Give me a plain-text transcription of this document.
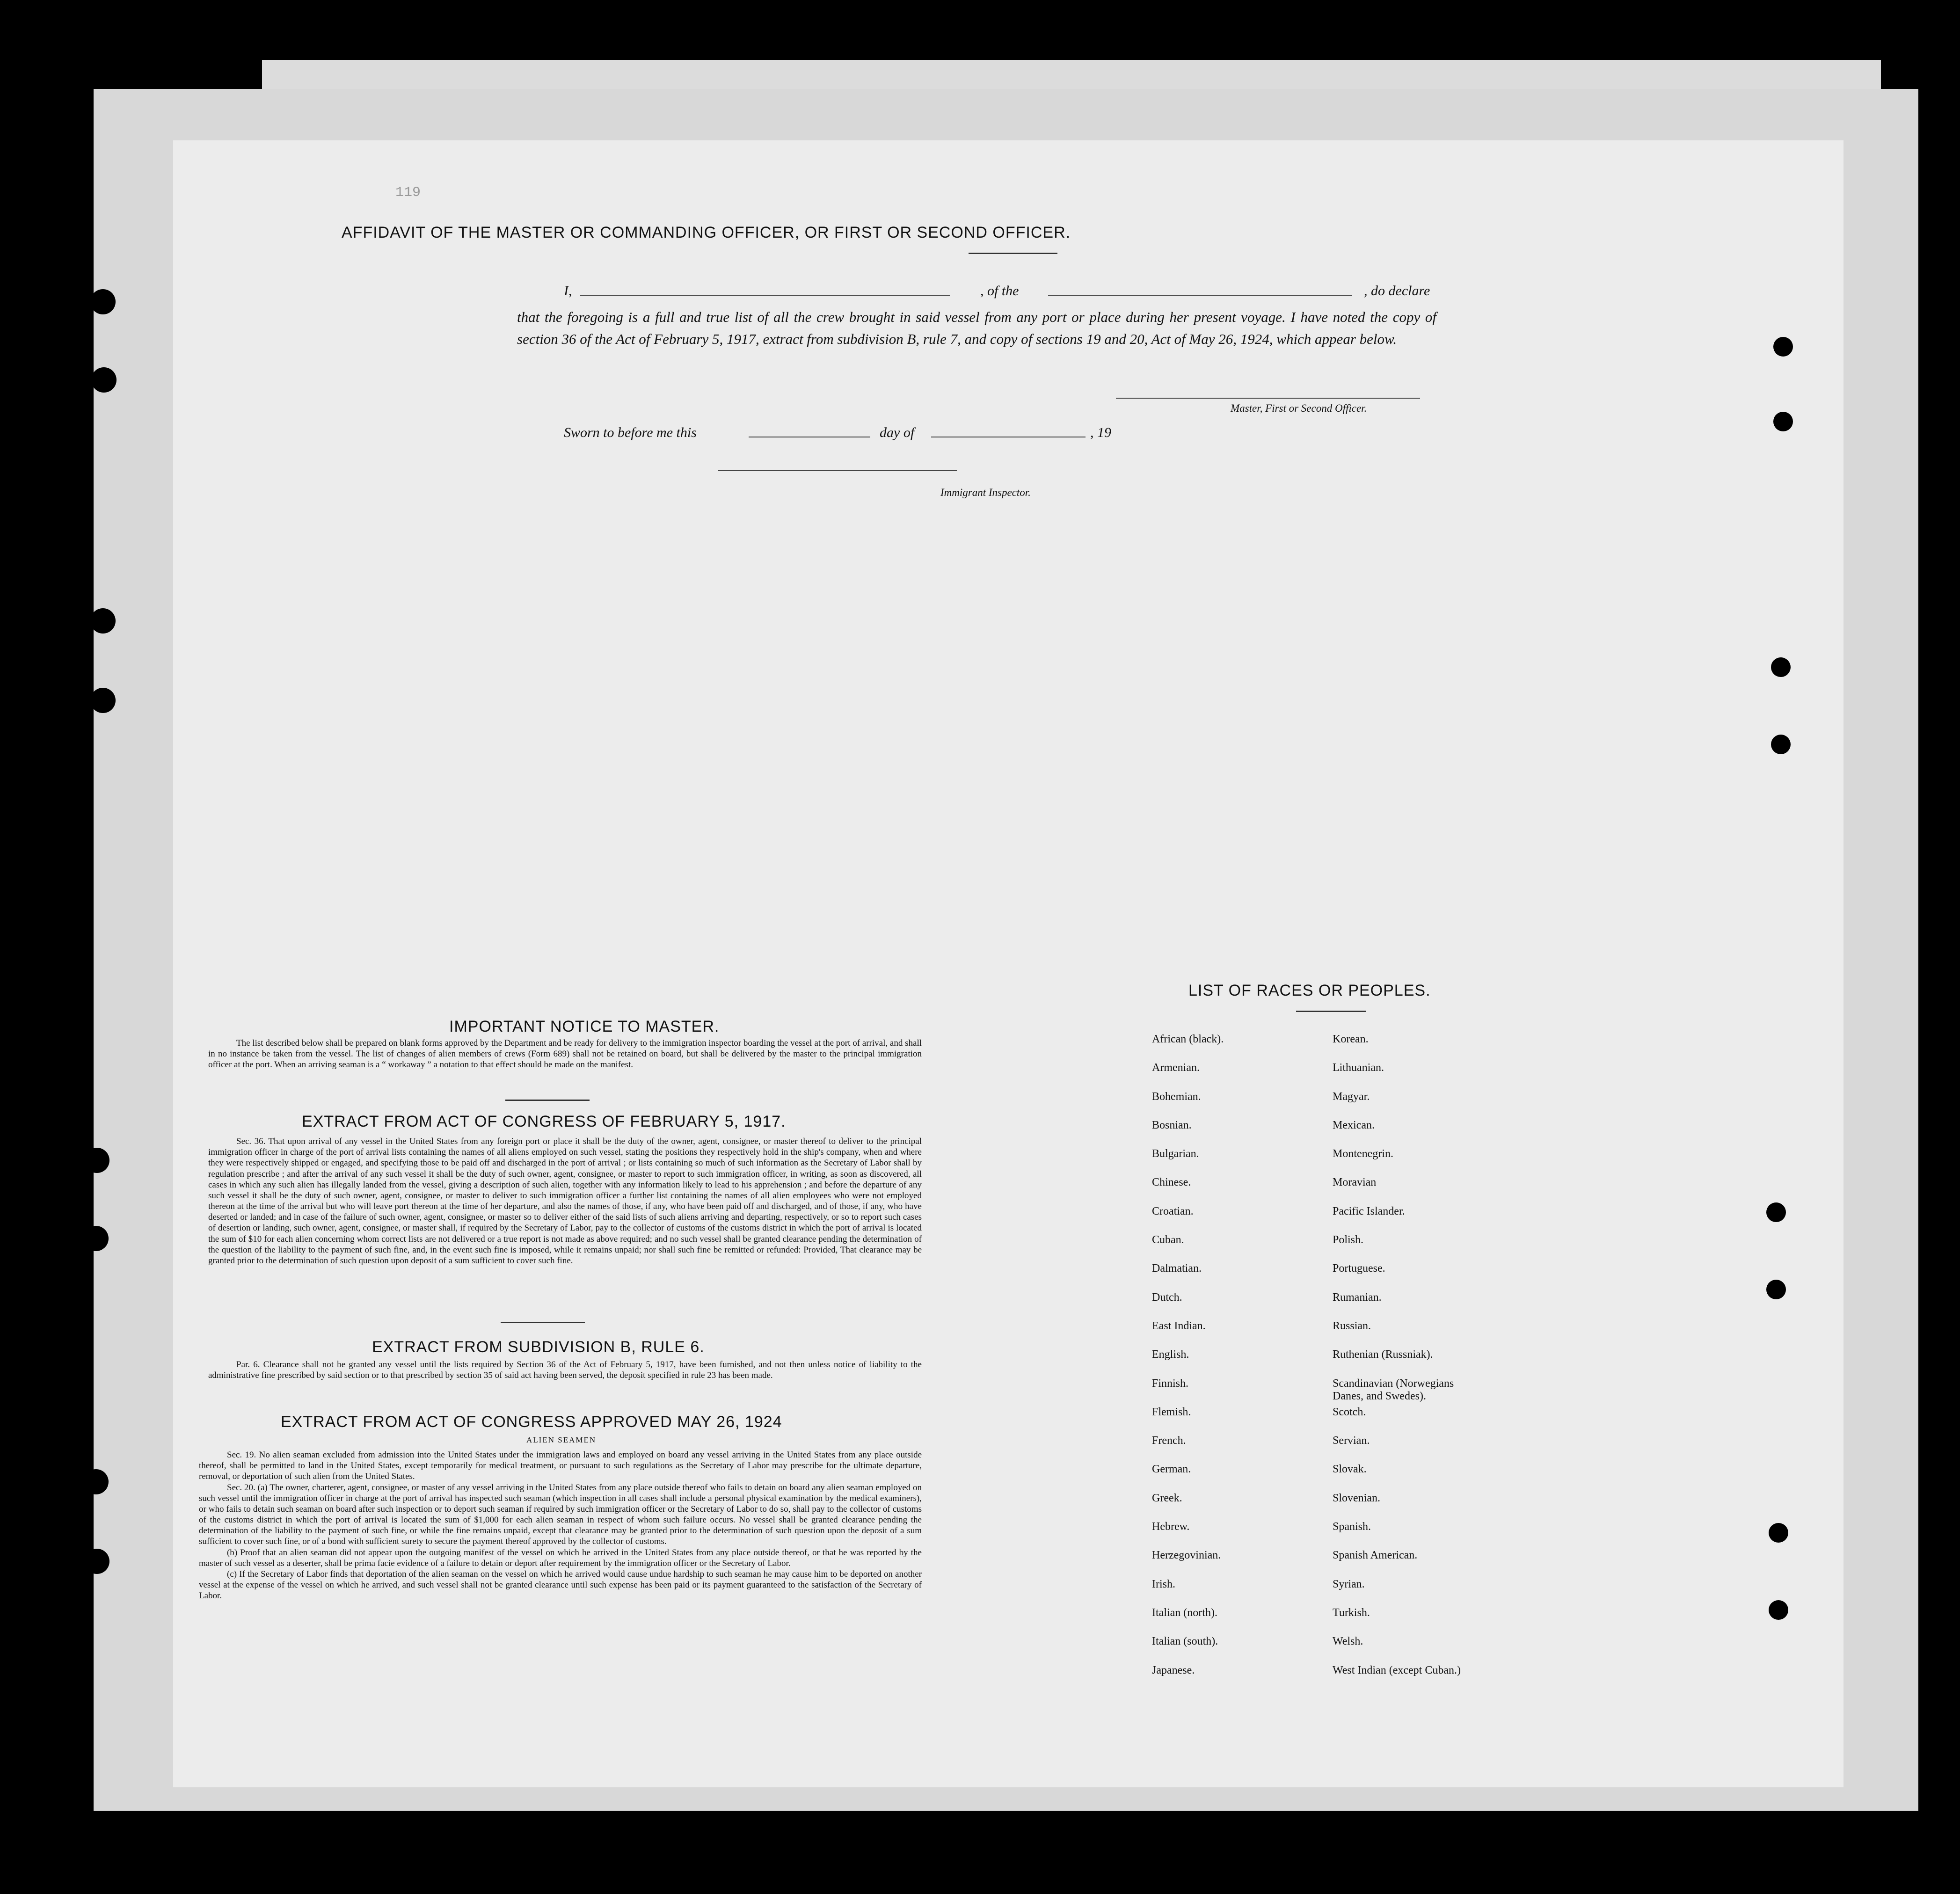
119
AFFIDAVIT OF THE MASTER OR COMMANDING OFFICER, OR FIRST OR SECOND OFFICER.
I,	, of the	, do declare
that the foregoing is a full and true list of all the crew brought in said vessel from any port or place during her present voyage. I have noted the copy of section 36 of the Act of February 5, 1917, extract from subdivision B, rule 7, and copy of sections 19 and 20, Act of May 26, 1924, which appear below.
Master, First or Second Officer.
Sworn to before me this	day of	, 19
Immigrant Inspector.
IMPORTANT NOTICE TO MASTER.

The list described below shall be prepared on blank forms approved by the Department and be ready for delivery to the immigration inspector boarding the vessel at the port of arrival, and shall in no instance be taken from the vessel. The list of changes of alien members of crews (Form 689) shall not be retained on board, but shall be delivered by the master to the principal immigration officer at the port. When an arriving seaman is a “ workaway ” a notation to that effect should be made on the manifest.

EXTRACT FROM ACT OF CONGRESS OF FEBRUARY 5, 1917.

Sec. 36. That upon arrival of any vessel in the United States from any foreign port or place it shall be the duty of the owner, agent, consignee, or master thereof to deliver to the principal immigration officer in charge of the port of arrival lists containing the names of all aliens employed on such vessel, stating the positions they respectively hold in the ship's company, when and where they were respectively shipped or engaged, and specifying those to be paid off and discharged in the port of arrival ; or lists containing so much of such information as the Secretary of Labor shall by regulation prescribe ; and after the arrival of any such vessel it shall be the duty of such owner, agent, consignee, or master to report to such immigration officer, in writing, as soon as discovered, all cases in which any such alien has illegally landed from the vessel, giving a description of such alien, together with any information likely to lead to his apprehension ; and before the departure of any such vessel it shall be the duty of such owner, agent, consignee, or master to deliver to such immigration officer a further list containing the names of all alien employees who were not employed thereon at the time of the arrival but who will leave port thereon at the time of her departure, and also the names of those, if any, who have been paid off and discharged, and of those, if any, who have deserted or landed; and in case of the failure of such owner, agent, consignee, or master so to deliver either of the said lists of such aliens arriving and departing, respectively, or so to report such cases of desertion or landing, such owner, agent, consignee, or master shall, if required by the Secretary of Labor, pay to the collector of customs of the customs district in which the port of arrival is located the sum of $10 for each alien concerning whom correct lists are not delivered or a true report is not made as above required; and no such vessel shall be granted clearance pending the determination of the question of the liability to the payment of such fine, and, in the event such fine is imposed, while it remains unpaid; nor shall such fine be remitted or refunded: Provided, That clearance may be granted prior to the determination of such question upon deposit of a sum sufficient to cover such fine.

EXTRACT FROM SUBDIVISION B, RULE 6.

Par. 6. Clearance shall not be granted any vessel until the lists required by Section 36 of the Act of February 5, 1917, have been furnished, and not then unless notice of liability to the administrative fine prescribed by said section or to that prescribed by section 35 of said act having been served, the deposit specified in rule 23 has been made.

EXTRACT FROM ACT OF CONGRESS APPROVED MAY 26, 1924
ALIEN SEAMEN

Sec. 19. No alien seaman excluded from admission into the United States under the immigration laws and employed on board any vessel arriving in the United States from any place outside thereof, shall be permitted to land in the United States, except temporarily for medical treatment, or pursuant to such regulations as the Secretary of Labor may prescribe for the ultimate departure, removal, or deportation of such alien from the United States.

Sec. 20. (a) The owner, charterer, agent, consignee, or master of any vessel arriving in the United States from any place outside thereof who fails to detain on board any alien seaman employed on such vessel until the immigration officer in charge at the port of arrival has inspected such seaman (which inspection in all cases shall include a personal physical examination by the medical examiners), or who fails to detain such seaman on board after such inspection or to deport such seaman if required by such immigration officer or the Secretary of Labor to do so, shall pay to the collector of customs of the customs district in which the port of arrival is located the sum of $1,000 for each alien seaman in respect of whom such failure occurs. No vessel shall be granted clearance pending the determination of the liability to the payment of such fine, or while the fine remains unpaid, except that clearance may be granted prior to the determination of such question upon the deposit of a sum sufficient to cover such fine, or of a bond with sufficient surety to secure the payment thereof approved by the collector of customs.

(b) Proof that an alien seaman did not appear upon the outgoing manifest of the vessel on which he arrived in the United States from any place outside thereof, or that he was reported by the master of such vessel as a deserter, shall be prima facie evidence of a failure to detain or deport after requirement by the immigration officer or the Secretary of Labor.

(c) If the Secretary of Labor finds that deportation of the alien seaman on the vessel on which he arrived would cause undue hardship to such seaman he may cause him to be deported on another vessel at the expense of the vessel on which he arrived, and such vessel shall not be granted clearance until such expense has been paid or its payment guaranteed to the satisfaction of the Secretary of Labor.

LIST OF RACES OR PEOPLES.
African (black).
Armenian.
Bohemian.
Bosnian.
Bulgarian.
Chinese.
Croatian.
Cuban.
Dalmatian.
Dutch.
East Indian.
English.
Finnish.
Flemish.
French.
German.
Greek.
Hebrew.
Herzegovinian.
Irish.
Italian (north).
Italian (south).
Japanese.
Korean.
Lithuanian.
Magyar.
Mexican.
Montenegrin.
Moravian
Pacific Islander.
Polish.
Portuguese.
Rumanian.
Russian.
Ruthenian (Russniak).
Scandinavian (Norwegians
Danes, and Swedes).
Scotch.
Servian.
Slovak.
Slovenian.
Spanish.
Spanish American.
Syrian.
Turkish.
Welsh.
West Indian (except Cuban.)
